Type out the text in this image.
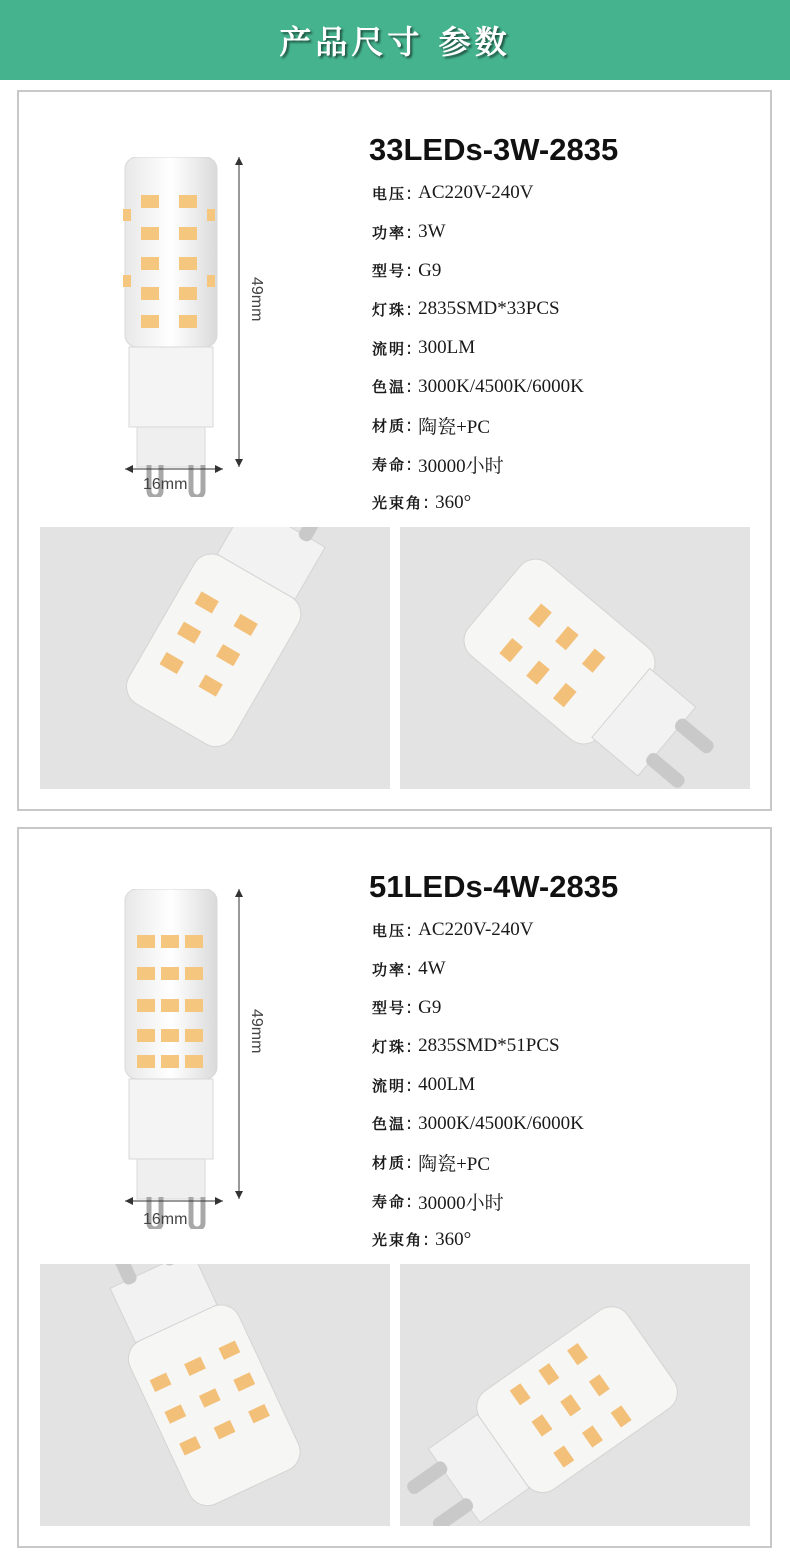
产品尺寸 参数
49mm
16mm
33LEDs-3W-2835
电压 : AC220V-240V
功率 : 3W
型号 : G9
灯珠 : 2835SMD*33PCS
流明 : 300LM
色温 : 3000K/4500K/6000K
材质 : 陶瓷+PC
寿命 : 30000小时
光束角 : 360°
49mm
16mm
51LEDs-4W-2835
电压 : AC220V-240V
功率 : 4W
型号 : G9
灯珠 : 2835SMD*51PCS
流明 : 400LM
色温 : 3000K/4500K/6000K
材质 : 陶瓷+PC
寿命 : 30000小时
光束角 : 360°
